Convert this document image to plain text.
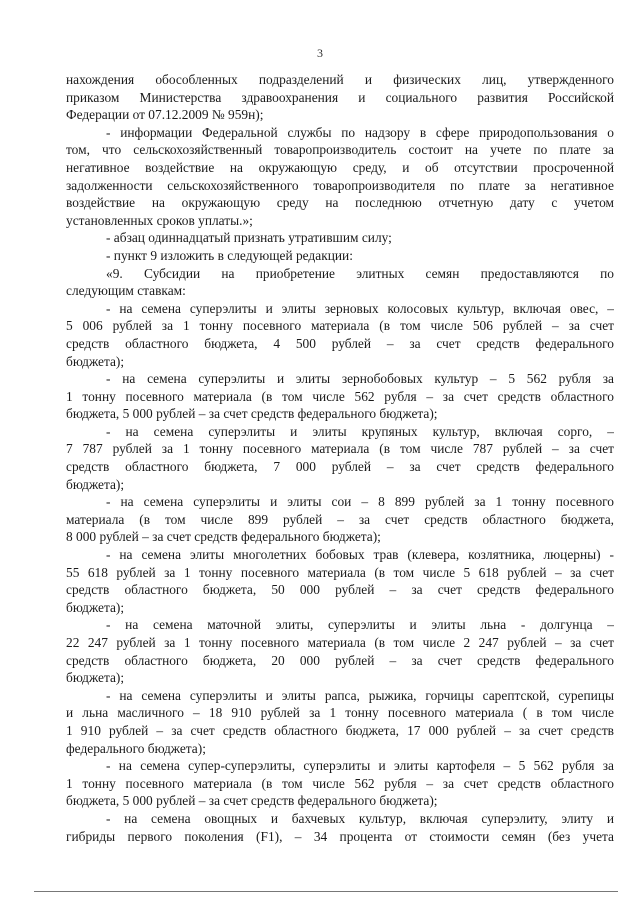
3
нахождения обособленных подразделений и физических лиц, утвержденного
приказом Министерства здравоохранения и социального развития Российской
Федерации от 07.12.2009 № 959н);
- информации Федеральной службы по надзору в сфере природопользования о
том, что сельскохозяйственный товаропроизводитель состоит на учете по плате за
негативное воздействие на окружающую среду, и об отсутствии просроченной
задолженности сельскохозяйственного товаропроизводителя по плате за негативное
воздействие на окружающую среду на последнюю отчетную дату с учетом
установленных сроков уплаты.»;
- абзац одиннадцатый признать утратившим силу;
- пункт 9 изложить в следующей редакции:
«9. Субсидии на приобретение элитных семян предоставляются по
следующим ставкам:
- на семена суперэлиты и элиты зерновых колосовых культур, включая овес, –
5 006 рублей за 1 тонну посевного материала (в том числе 506 рублей – за счет
средств областного бюджета, 4 500 рублей – за счет средств федерального
бюджета);
- на семена суперэлиты и элиты зернобобовых культур – 5 562 рубля за
1 тонну посевного материала (в том числе 562 рубля – за счет средств областного
бюджета, 5 000 рублей – за счет средств федерального бюджета);
- на семена суперэлиты и элиты крупяных культур, включая сорго, –
7 787 рублей за 1 тонну посевного материала (в том числе 787 рублей – за счет
средств областного бюджета, 7 000 рублей – за счет средств федерального
бюджета);
- на семена суперэлиты и элиты сои – 8 899 рублей за 1 тонну посевного
материала (в том числе 899 рублей – за счет средств областного бюджета,
8 000 рублей – за счет средств федерального бюджета);
- на семена элиты многолетних бобовых трав (клевера, козлятника, люцерны) -
55 618 рублей за 1 тонну посевного материала (в том числе 5 618 рублей – за счет
средств областного бюджета, 50 000 рублей – за счет средств федерального
бюджета);
- на семена маточной элиты, суперэлиты и элиты льна - долгунца –
22 247 рублей за 1 тонну посевного материала (в том числе 2 247 рублей – за счет
средств областного бюджета, 20 000 рублей – за счет средств федерального
бюджета);
- на семена суперэлиты и элиты рапса, рыжика, горчицы сарептской, сурепицы
и льна масличного – 18 910 рублей за 1 тонну посевного материала ( в том числе
1 910 рублей – за счет средств областного бюджета, 17 000 рублей – за счет средств
федерального бюджета);
- на семена супер-суперэлиты, суперэлиты и элиты картофеля – 5 562 рубля за
1 тонну посевного материала (в том числе 562 рубля – за счет средств областного
бюджета, 5 000 рублей – за счет средств федерального бюджета);
- на семена овощных и бахчевых культур, включая суперэлиту, элиту и
гибриды первого поколения (F1), – 34 процента от стоимости семян (без учета
